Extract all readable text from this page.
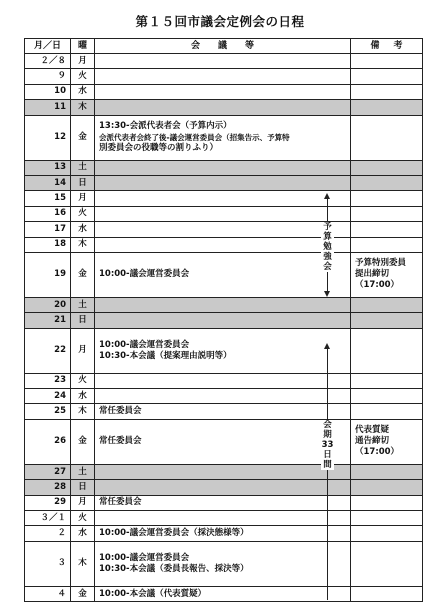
第１５回市議会定例会の日程
月／日	曜	会議等	備考
２／８	月		
９	火		
10	水		
11	木		
12	金	13:30-会派代表者会（予算内示）
会派代表者会終了後-議会運営委員会（招集告示、予算特
別委員会の役職等の割りふり）	

13	土		
14	日		
15	月		
16	火		
17	水		
18	木		
19	金	10:00-議会運営委員会	予算特別委員
提出締切
（17:00）

20	土		
21	日		
22	月	10:00-議会運営委員会
10:30-本会議（提案理由説明等）	

23	火		
24	水		
25	木	常任委員会	

26	金	常任委員会	代表質疑
通告締切
（17:00）

27	土		
28	日		
29	月	常任委員会	

３／１	火		
２	水	10:00-議会運営委員会（採決態様等）	

３	木	10:00-議会運営委員会
10:30-本会議（委員長報告、採決等）	

４	金	10:00-本会議（代表質疑）	

予算勉強会
会期33日間
